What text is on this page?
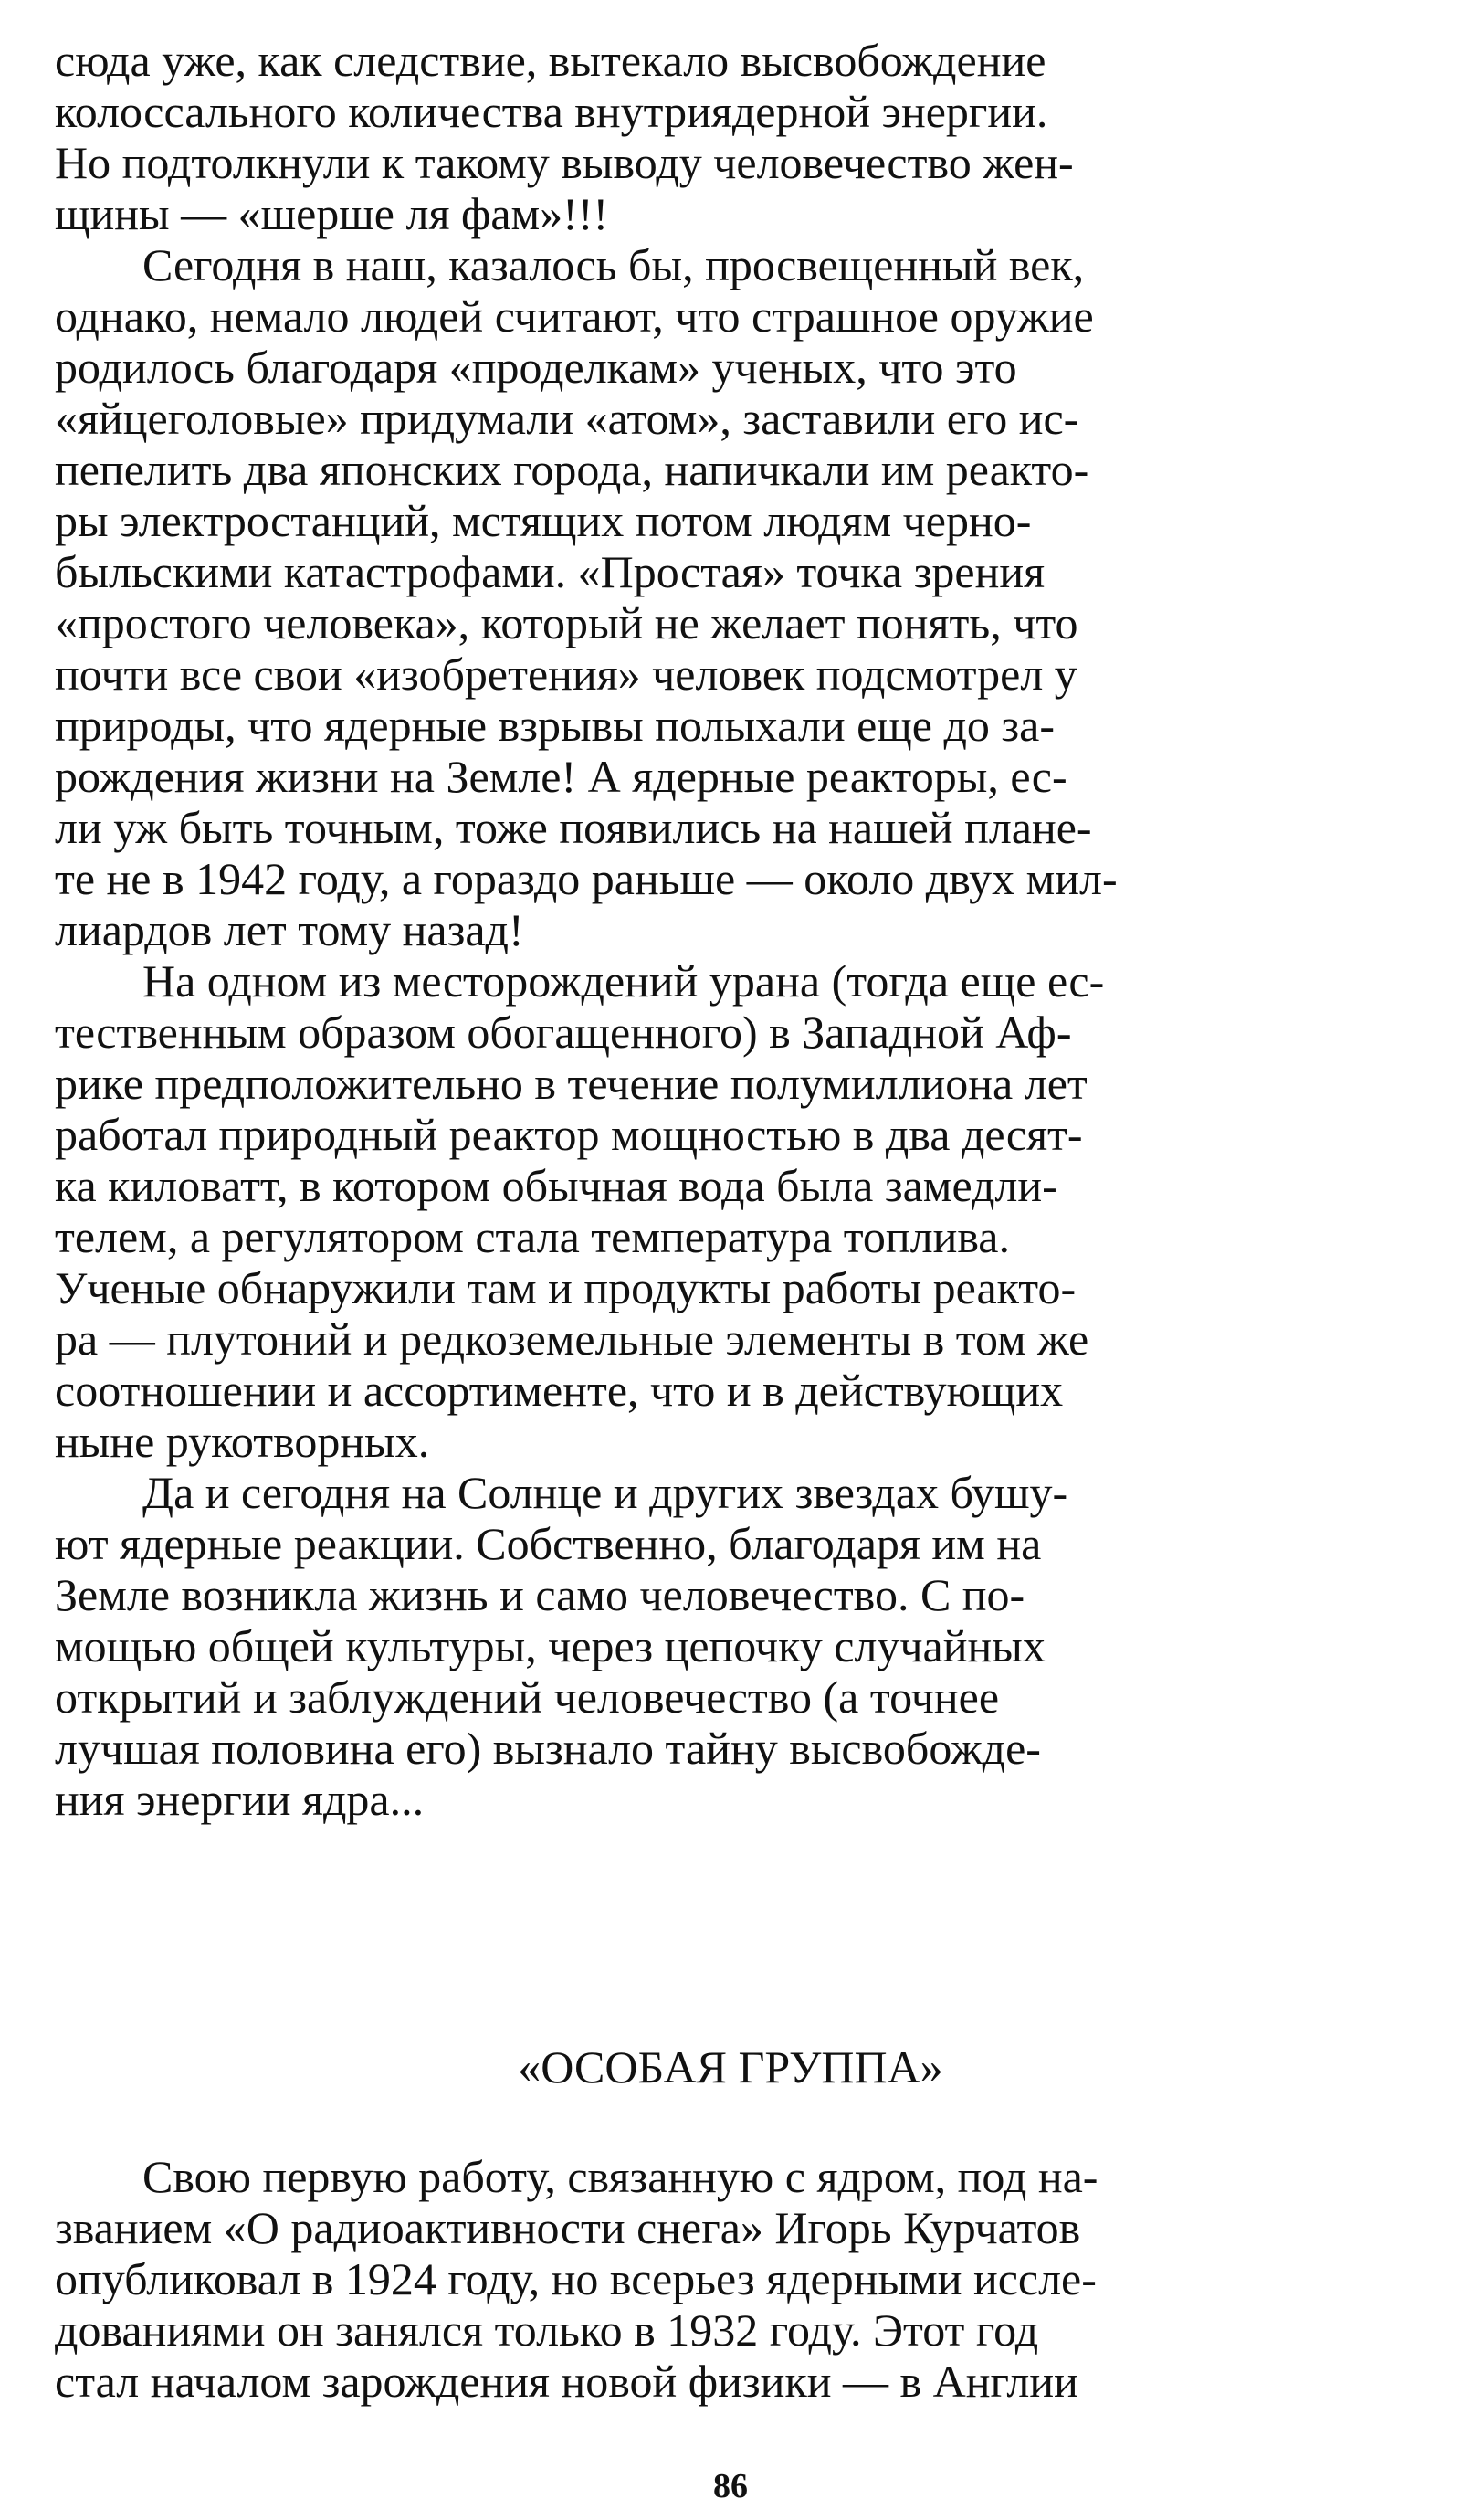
сюда уже, как следствие, вытекало высвобождение
колоссального количества внутриядерной энергии.
Но подтолкнули к такому выводу человечество жен-
щины — «шерше ля фам»!!!
Сегодня в наш, казалось бы, просвещенный век,
однако, немало людей считают, что страшное оружие
родилось благодаря «проделкам» ученых, что это
«яйцеголовые» придумали «атом», заставили его ис-
пепелить два японских города, напичкали им реакто-
ры электростанций, мстящих потом людям черно-
быльскими катастрофами. «Простая» точка зрения
«простого человека», который не желает понять, что
почти все свои «изобретения» человек подсмотрел у
природы, что ядерные взрывы полыхали еще до за-
рождения жизни на Земле! А ядерные реакторы, ес-
ли уж быть точным, тоже появились на нашей плане-
те не в 1942 году, а гораздо раньше — около двух мил-
лиардов лет тому назад!
На одном из месторождений урана (тогда еще ес-
тественным образом обогащенного) в Западной Аф-
рике предположительно в течение полумиллиона лет
работал природный реактор мощностью в два десят-
ка киловатт, в котором обычная вода была замедли-
телем, а регулятором стала температура топлива.
Ученые обнаружили там и продукты работы реакто-
ра — плутоний и редкоземельные элементы в том же
соотношении и ассортименте, что и в действующих
ныне рукотворных.
Да и сегодня на Солнце и других звездах бушу-
ют ядерные реакции. Собственно, благодаря им на
Земле возникла жизнь и само человечество. С по-
мощью общей культуры, через цепочку случайных
открытий и заблуждений человечество (а точнее
лучшая половина его) вызнало тайну высвобожде-
ния энергии ядра...
«ОСОБАЯ ГРУППА»
Свою первую работу, связанную с ядром, под на-
званием «О радиоактивности снега» Игорь Курчатов
опубликовал в 1924 году, но всерьез ядерными иссле-
дованиями он занялся только в 1932 году. Этот год
стал началом зарождения новой физики — в Англии
86
